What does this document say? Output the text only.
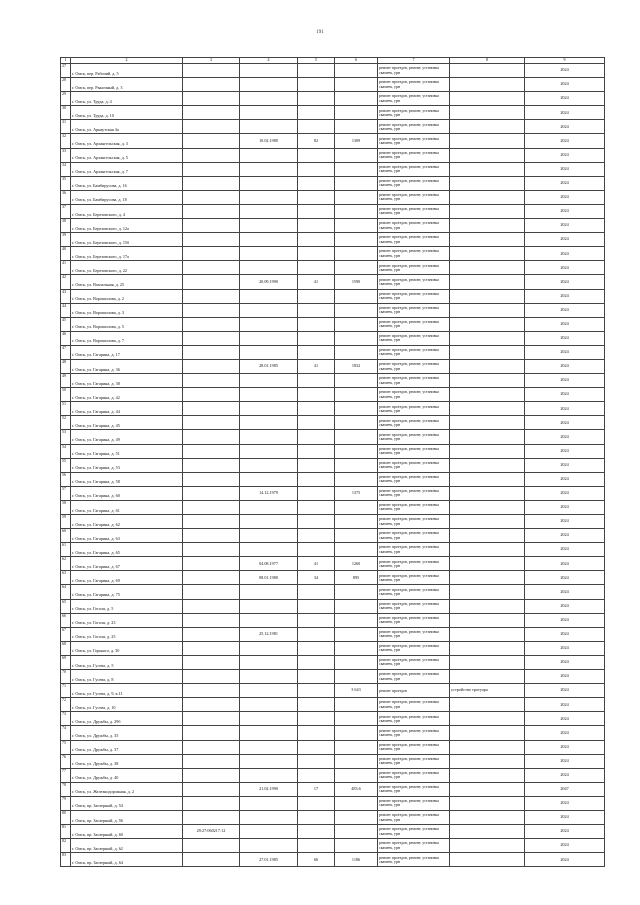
191
1	2	3	4	5	6	7	8	9
27	г. Омск, пер. Рабочий, д. 5					ремонт проездов, ремонт, установка скамеек, урн		2024
28	г. Омск, пер. Рыночный, д. 3					ремонт проездов, ремонт, установка скамеек, урн		2024
29	г. Омск, ул. Труда, д. 4					ремонт проездов, ремонт, установка скамеек, урн		2024
30	г. Омск, ул. Труда, д. 10					ремонт проездов, ремонт, установка скамеек, урн		2024
31	г. Омск, ул. Арнаутская 4а					ремонт проездов, ремонт, установка скамеек, урн		2024
32	г. Омск, ул. Архангельская, д. 3		10.02.1980	82	1309	ремонт проездов, ремонт, установка скамеек, урн		2024
33	г. Омск, ул. Архангельская, д. 5					ремонт проездов, ремонт, установка скамеек, урн		2024
34	г. Омск, ул. Архангельская, д. 7					ремонт проездов, ремонт, установка скамеек, урн		2024
35	г. Омск, ул. Бамбирусова, д. 16					ремонт проездов, ремонт, установка скамеек, урн		2024
36	г. Омск, ул. Бамбирусова, д. 18					ремонт проездов, ремонт, установка скамеек, урн		2024
37	г. Омск, ул. Березовского, д. 4					ремонт проездов, ремонт, установка скамеек, урн		2024
38	г. Омск, ул. Березовского, д. 12а					ремонт проездов, ремонт, установка скамеек, урн		2024
39	г. Омск, ул. Березовского, д. 15б					ремонт проездов, ремонт, установка скамеек, урн		2024
40	г. Омск, ул. Березовского, д. 17а					ремонт проездов, ремонт, установка скамеек, урн		2024
41	г. Омск, ул. Березовского, д. 22					ремонт проездов, ремонт, установка скамеек, урн		2024
42	г. Омск, ул. Вокзальная, д. 25		20.09.1990	41	1590	ремонт проездов, ремонт, установка скамеек, урн		2024
43	г. Омск, ул. Ворошилова, д. 2					ремонт проездов, ремонт, установка скамеек, урн		2024
44	г. Омск, ул. Ворошилова, д. 3					ремонт проездов, ремонт, установка скамеек, урн		2024
45	г. Омск, ул. Ворошилова, д. 5					ремонт проездов, ремонт, установка скамеек, урн		2024
46	г. Омск, ул. Ворошилова, д. 7					ремонт проездов, ремонт, установка скамеек, урн		2024
47	г. Омск, ул. Гагарина, д. 17					ремонт проездов, ремонт, установка скамеек, урн		2024
48	г. Омск, ул. Гагарина, д. 36		28.01.1985	41	1832	ремонт проездов, ремонт, установка скамеек, урн		2024
49	г. Омск, ул. Гагарина, д. 38					ремонт проездов, ремонт, установка скамеек, урн		2024
50	г. Омск, ул. Гагарина, д. 42					ремонт проездов, ремонт, установка скамеек, урн		2024
51	г. Омск, ул. Гагарина, д. 44					ремонт проездов, ремонт, установка скамеек, урн		2024
52	г. Омск, ул. Гагарина, д. 45					ремонт проездов, ремонт, установка скамеек, урн		2024
53	г. Омск, ул. Гагарина, д. 49					ремонт проездов, ремонт, установка скамеек, урн		2024
54	г. Омск, ул. Гагарина, д. 51					ремонт проездов, ремонт, установка скамеек, урн		2024
55	г. Омск, ул. Гагарина, д. 53					ремонт проездов, ремонт, установка скамеек, урн		2024
56	г. Омск, ул. Гагарина, д. 58					ремонт проездов, ремонт, установка скамеек, урн		2024
57	г. Омск, ул. Гагарина, д. 60		14.12.1979		1375	ремонт проездов, ремонт, установка скамеек, урн		2024
58	г. Омск, ул. Гагарина, д. 61					ремонт проездов, ремонт, установка скамеек, урн		2024
59	г. Омск, ул. Гагарина, д. 62					ремонт проездов, ремонт, установка скамеек, урн		2024
60	г. Омск, ул. Гагарина, д. 63					ремонт проездов, ремонт, установка скамеек, урн		2024
61	г. Омск, ул. Гагарина, д. 65					ремонт проездов, ремонт, установка скамеек, урн		2024
62	г. Омск, ул. Гагарина, д. 67		04.08.1977	41	1260	ремонт проездов, ремонт, установка скамеек, урн		2024
63	г. Омск, ул. Гагарина, д. 69		08.01.1980	34	895	ремонт проездов, ремонт, установка скамеек, урн		2024
64	г. Омск, ул. Гагарина, д. 75					ремонт проездов, ремонт, установка скамеек, урн		2024
65	г. Омск, ул. Гоголя, д. 5					ремонт проездов, ремонт, установка скамеек, урн		2024
66	г. Омск, ул. Гоголя, д. 23					ремонт проездов, ремонт, установка скамеек, урн		2024
67	г. Омск, ул. Гоголя, д. 25		25.12.1981			ремонт проездов, ремонт, установка скамеек, урн		2024
68	г. Омск, ул. Горького, д. 30					ремонт проездов, ремонт, установка скамеек, урн		2024
69	г. Омск, ул. Гусева, д. 5					ремонт проездов, ремонт, установка скамеек, урн		2024
70	г. Омск, ул. Гусева, д. 8					ремонт проездов, ремонт, установка скамеек, урн		2024
71	г. Омск, ул. Гусева, д. 9, к.11				3 643	ремонт проездов	устройство тротуара	2024
72	г. Омск, ул. Гусева, д. 10					ремонт проездов, ремонт, установка скамеек, урн		2024
73	г. Омск, ул. Дружбы, д. 29б					ремонт проездов, ремонт, установка скамеек, урн		2024
74	г. Омск, ул. Дружбы, д. 35					ремонт проездов, ремонт, установка скамеек, урн		2024
75	г. Омск, ул. Дружбы, д. 37					ремонт проездов, ремонт, установка скамеек, урн		2024
76	г. Омск, ул. Дружбы, д. 38					ремонт проездов, ремонт, установка скамеек, урн		2024
77	г. Омск, ул. Дружбы, д. 40					ремонт проездов, ремонт, установка скамеек, урн		2024
78	г. Омск, ул. Железнодорожная, д. 2		21.02.1990	17	483.6	ремонт проездов, ремонт, установка скамеек, урн		2047
79	г. Омск, пр. Заозерный, д. 54					ремонт проездов, ремонт, установка скамеек, урн		2024
80	г. Омск, пр. Заозерный, д. 56					ремонт проездов, ремонт, установка скамеек, урн		2024
81	г. Омск, пр. Заозерный, д. 60	29:27:060217:12				ремонт проездов, ремонт, установка скамеек, урн		2024
82	г. Омск, пр. Заозерный, д. 62					ремонт проездов, ремонт, установка скамеек, урн		2024
83	г. Омск, пр. Заозерный, д. 64		27.01.1985	66	1186	ремонт проездов, ремонт, установка скамеек, урн		2024
